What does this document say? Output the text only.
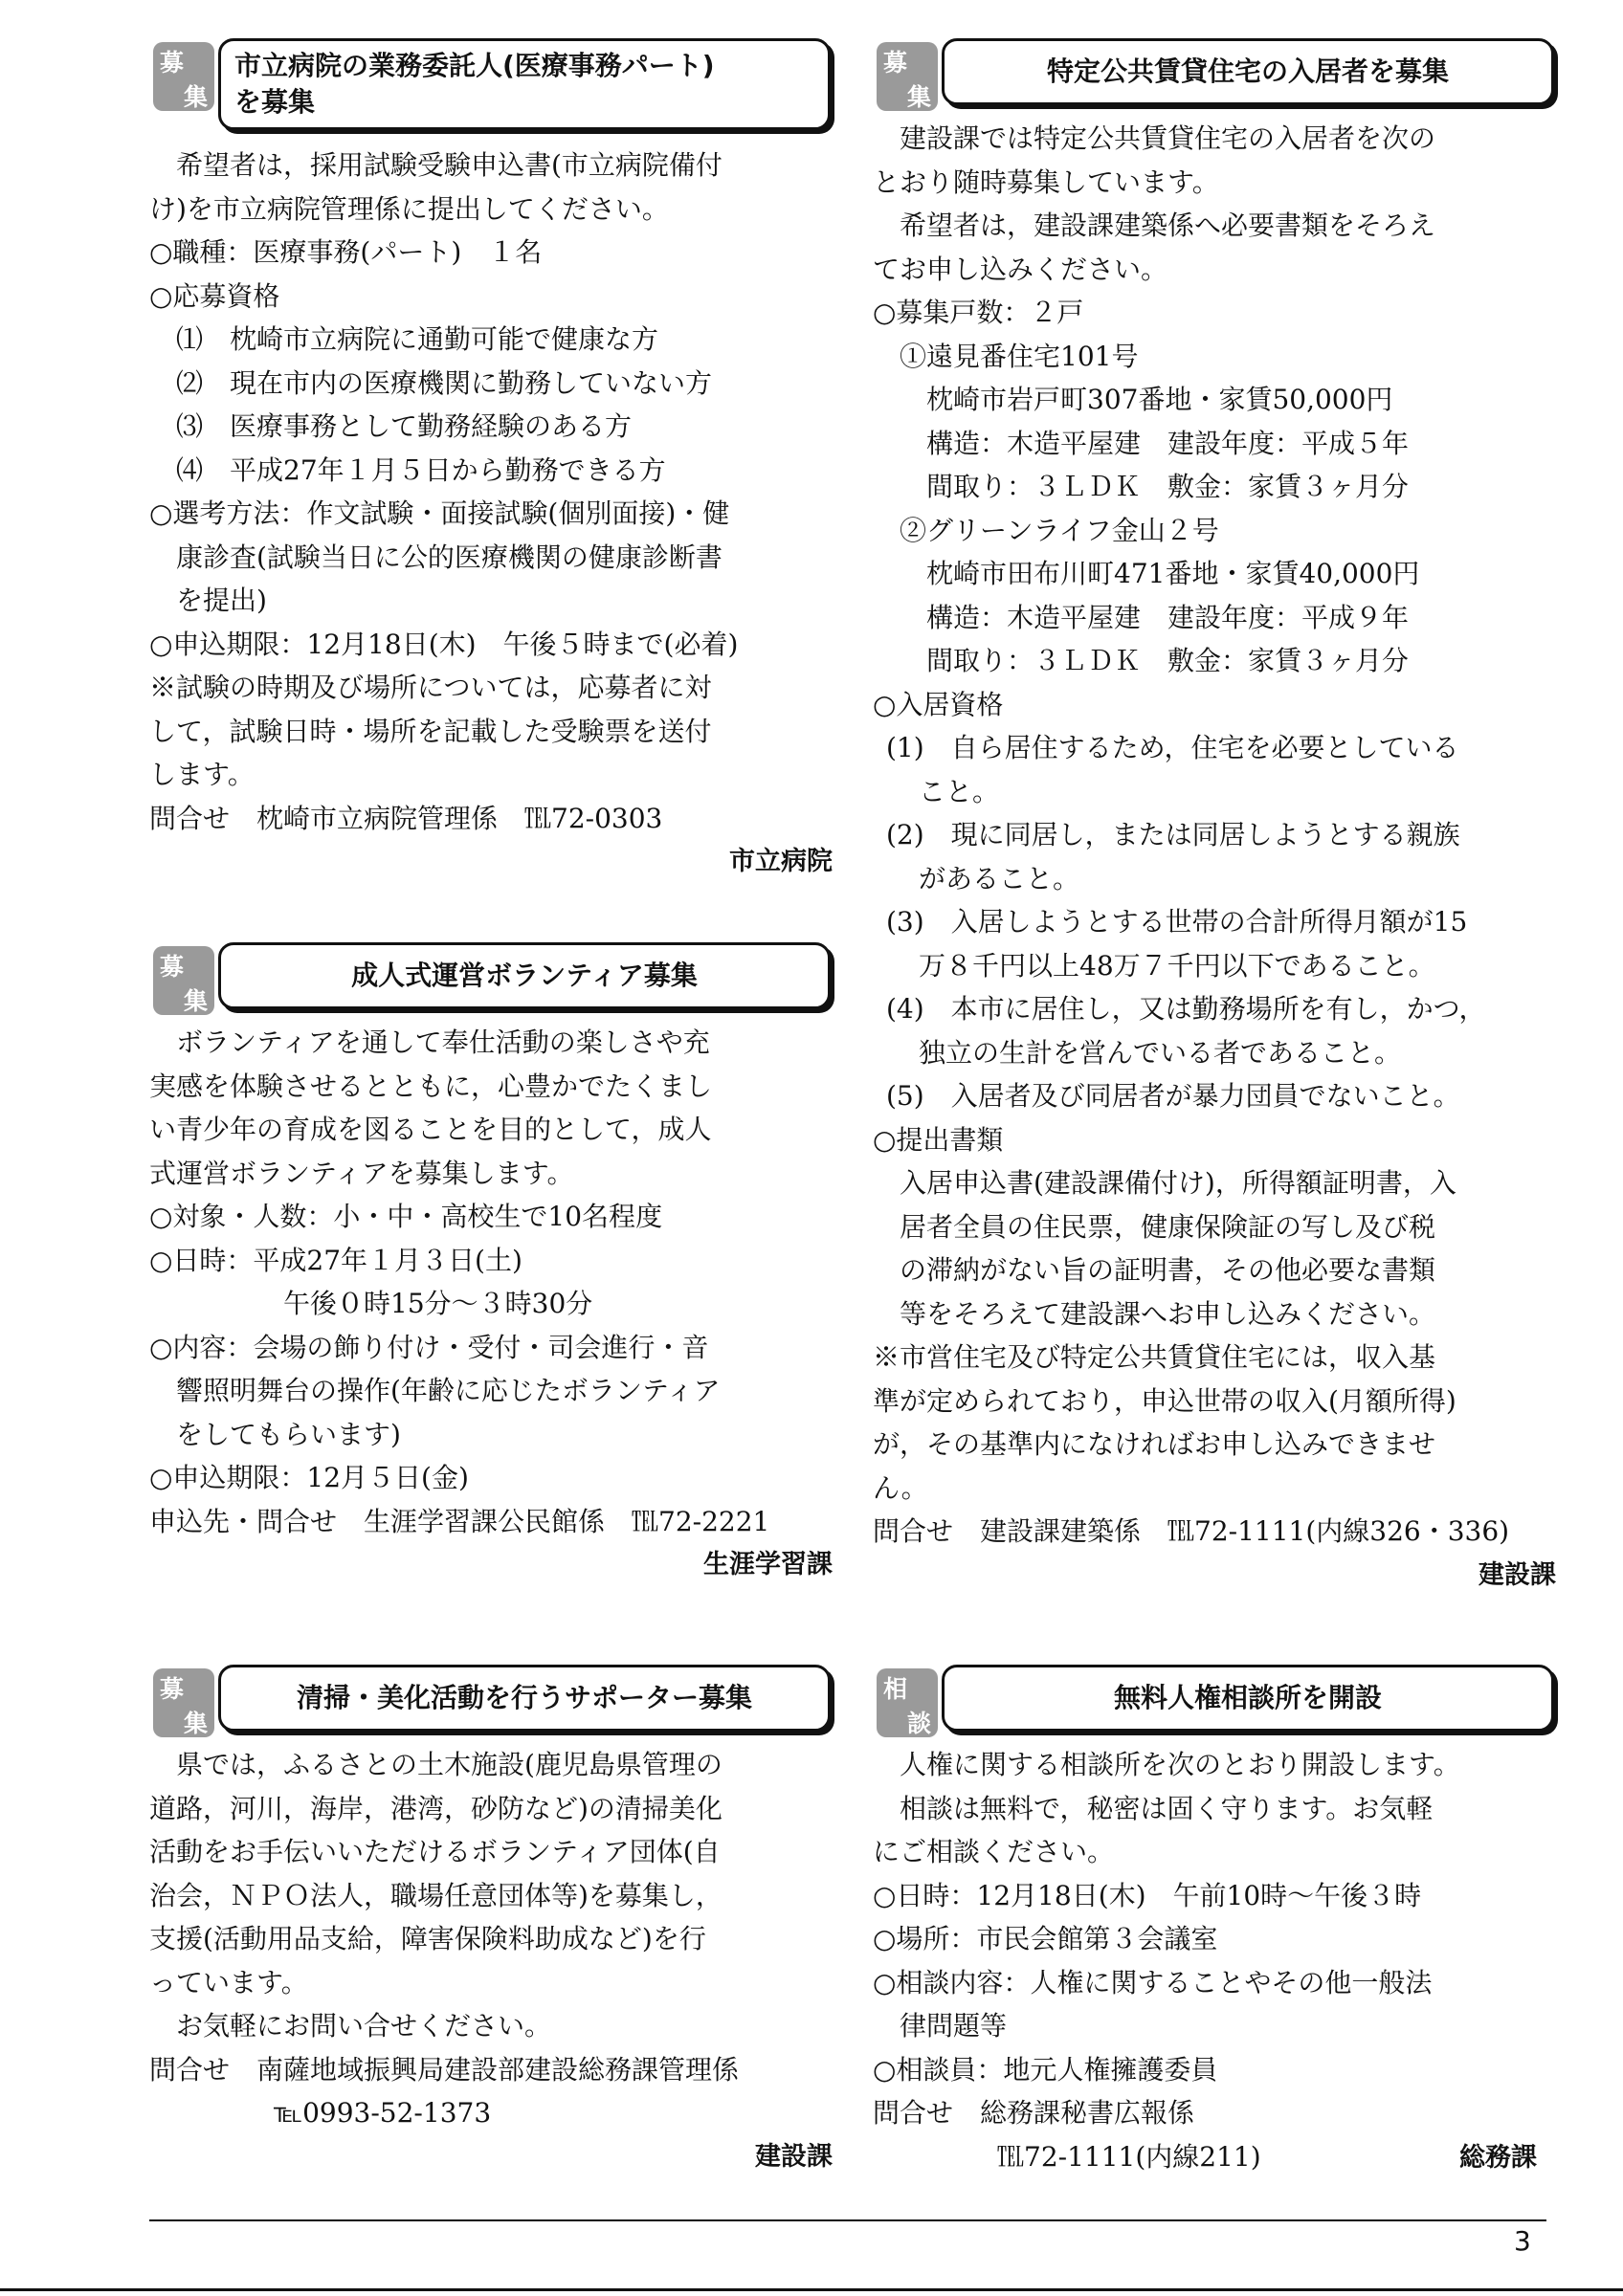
募
集
市立病院の業務委託人(医療事務パート)
を募集
希望者は，採用試験受験申込書(市立病院備付
け)を市立病院管理係に提出してください。
○職種：医療事務(パート)　１名
○応募資格
⑴　枕崎市立病院に通勤可能で健康な方
⑵　現在市内の医療機関に勤務していない方
⑶　医療事務として勤務経験のある方
⑷　平成27年１月５日から勤務できる方
○選考方法：作文試験・面接試験(個別面接)・健
康診査(試験当日に公的医療機関の健康診断書
を提出)
○申込期限：12月18日(木)　午後５時まで(必着)
※試験の時期及び場所については，応募者に対
して，試験日時・場所を記載した受験票を送付
します。
問合せ　枕崎市立病院管理係　℡72-0303
市立病院
募
集
成人式運営ボランティア募集
ボランティアを通して奉仕活動の楽しさや充
実感を体験させるとともに，心豊かでたくまし
い青少年の育成を図ることを目的として，成人
式運営ボランティアを募集します。
○対象・人数：小・中・高校生で10名程度
○日時：平成27年１月３日(土)
午後０時15分～３時30分
○内容：会場の飾り付け・受付・司会進行・音
響照明舞台の操作(年齢に応じたボランティア
をしてもらいます)
○申込期限：12月５日(金)
申込先・問合せ　生涯学習課公民館係　℡72-2221
生涯学習課
募
集
清掃・美化活動を行うサポーター募集
県では，ふるさとの土木施設(鹿児島県管理の
道路，河川，海岸，港湾，砂防など)の清掃美化
活動をお手伝いいただけるボランティア団体(自
治会，ＮＰＯ法人，職場任意団体等)を募集し，
支援(活動用品支給，障害保険料助成など)を行
っています。
お気軽にお問い合せください。
問合せ　南薩地域振興局建設部建設総務課管理係
℡0993-52-1373
建設課
募
集
特定公共賃貸住宅の入居者を募集
建設課では特定公共賃貸住宅の入居者を次の
とおり随時募集しています。
希望者は，建設課建築係へ必要書類をそろえ
てお申し込みください。
○募集戸数：２戸
①遠見番住宅101号
枕崎市岩戸町307番地・家賃50,000円
構造：木造平屋建　建設年度：平成５年
間取り：３ＬＤＫ　敷金：家賃３ヶ月分
②グリーンライフ金山２号
枕崎市田布川町471番地・家賃40,000円
構造：木造平屋建　建設年度：平成９年
間取り：３ＬＤＫ　敷金：家賃３ヶ月分
○入居資格
(1)　自ら居住するため，住宅を必要としている
こと。
(2)　現に同居し，または同居しようとする親族
があること。
(3)　入居しようとする世帯の合計所得月額が15
万８千円以上48万７千円以下であること。
(4)　本市に居住し，又は勤務場所を有し，かつ，
独立の生計を営んでいる者であること。
(5)　入居者及び同居者が暴力団員でないこと。
○提出書類
入居申込書(建設課備付け)，所得額証明書，入
居者全員の住民票，健康保険証の写し及び税
の滞納がない旨の証明書，その他必要な書類
等をそろえて建設課へお申し込みください。
※市営住宅及び特定公共賃貸住宅には，収入基
準が定められており，申込世帯の収入(月額所得)
が，その基準内になければお申し込みできませ
ん。
問合せ　建設課建築係　℡72-1111(内線326・336)
建設課
相
談
無料人権相談所を開設
人権に関する相談所を次のとおり開設します。
相談は無料で，秘密は固く守ります。お気軽
にご相談ください。
○日時：12月18日(木)　午前10時～午後３時
○場所：市民会館第３会議室
○相談内容：人権に関することやその他一般法
律問題等
○相談員：地元人権擁護委員
問合せ　総務課秘書広報係
℡72-1111(内線211)	総務課
3
